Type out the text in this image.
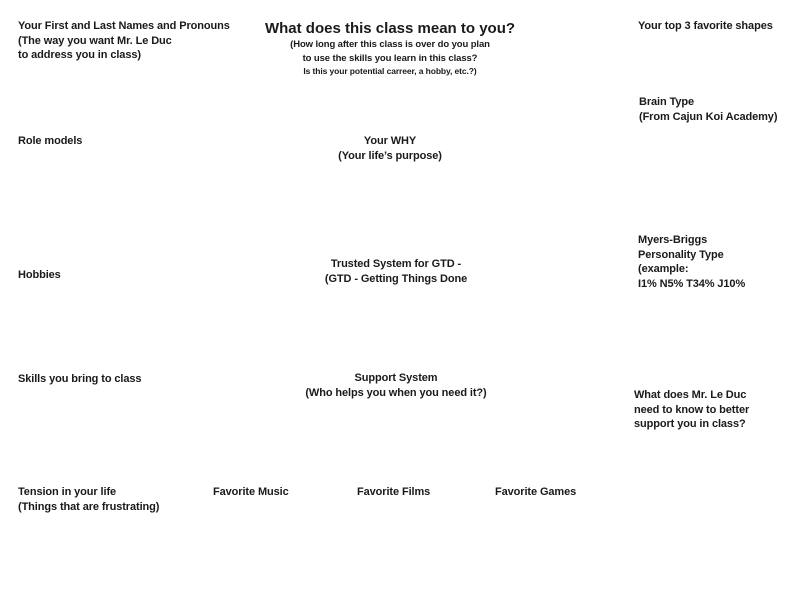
Your First and Last Names and Pronouns
(The way you want Mr. Le Duc
to address you in class)
What does this class mean to you?
(How long after this class is over do you plan
to use the skills you learn in this class?
Is this your potential carreer, a hobby, etc.?)
Your top 3 favorite shapes
Brain Type
(From Cajun Koi Academy)
Role models	Your WHY
(Your life’s purpose)
Myers-Briggs
Personality Type
(example:
I1% N5% T34% J10%
Hobbies
Trusted System for GTD -
(GTD - Getting Things Done
Skills you bring to class	Support System
(Who helps you when you need it?)	What does Mr. Le Duc
need to know to better
support you in class?
Tension in your life
(Things that are frustrating)
Favorite Music	Favorite Films	Favorite Games
